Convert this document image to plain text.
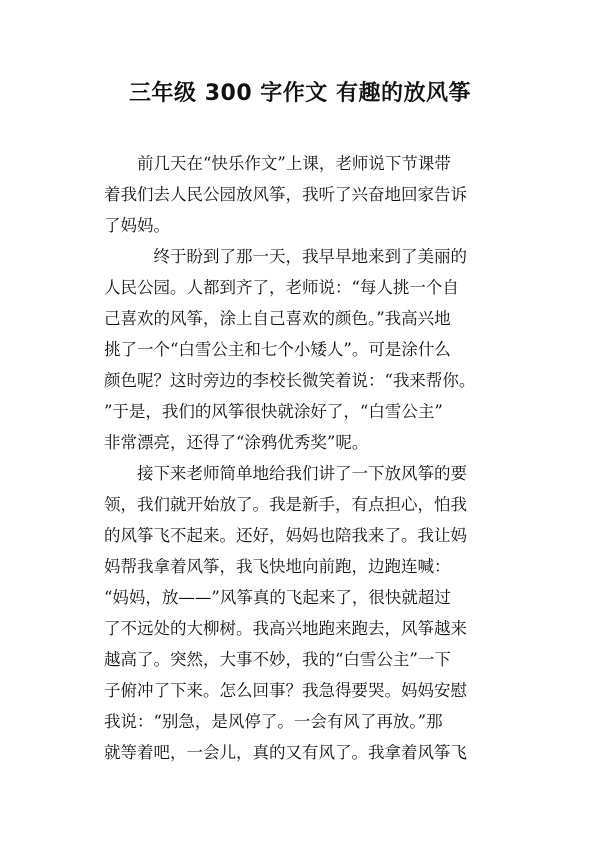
三年级 300 字作文 有趣的放风筝
　　前几天在“快乐作文”上课，老师说下节课带
着我们去人民公园放风筝，我听了兴奋地回家告诉
了妈妈。
　　　终于盼到了那一天，我早早地来到了美丽的
人民公园。人都到齐了，老师说：“每人挑一个自
己喜欢的风筝，涂上自己喜欢的颜色。”我高兴地
挑了一个“白雪公主和七个小矮人”。可是涂什么
颜色呢？这时旁边的李校长微笑着说：“我来帮你。
”于是，我们的风筝很快就涂好了，“白雪公主”
非常漂亮，还得了“涂鸦优秀奖”呢。
　　接下来老师简单地给我们讲了一下放风筝的要
领，我们就开始放了。我是新手，有点担心，怕我
的风筝飞不起来。还好，妈妈也陪我来了。我让妈
妈帮我拿着风筝，我飞快地向前跑，边跑连喊：
“妈妈，放——”风筝真的飞起来了，很快就超过
了不远处的大柳树。我高兴地跑来跑去，风筝越来
越高了。突然，大事不妙，我的“白雪公主”一下
子俯冲了下来。怎么回事？我急得要哭。妈妈安慰
我说：“别急，是风停了。一会有风了再放。”那
就等着吧，一会儿，真的又有风了。我拿着风筝飞
